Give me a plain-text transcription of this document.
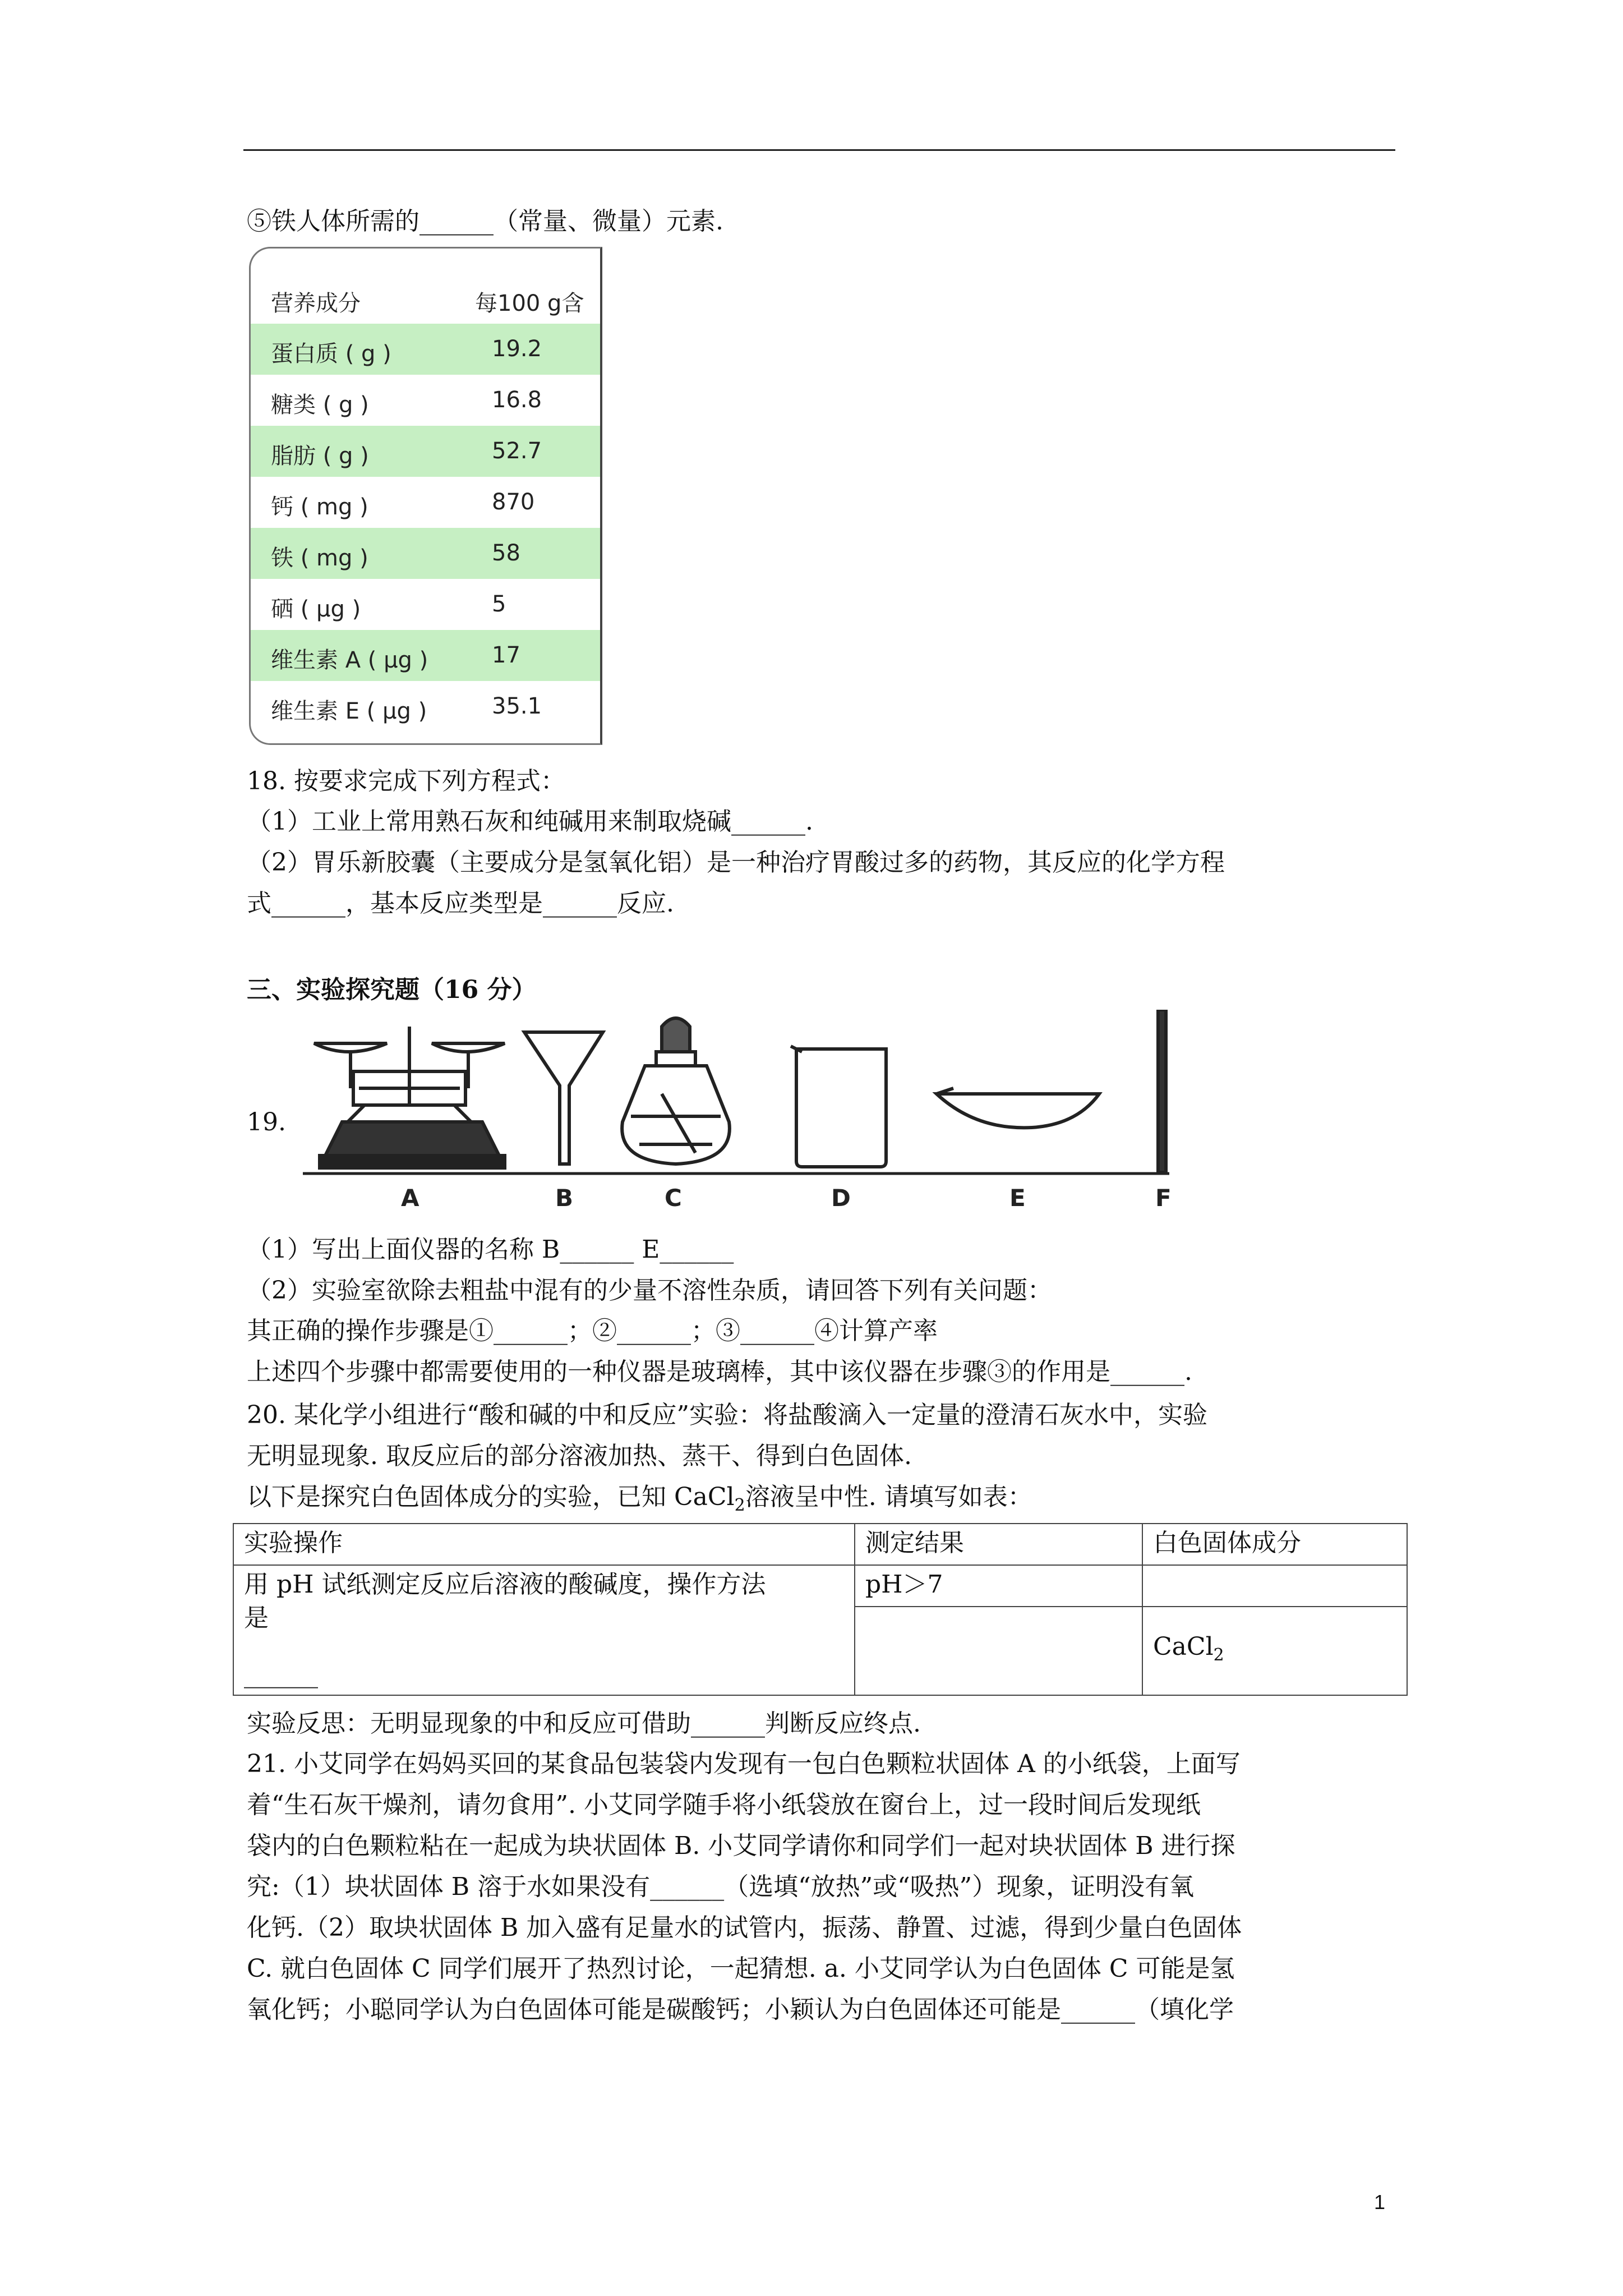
⑤铁人体所需的______（常量、微量）元素.
营养成分	每100 g含
蛋白质 ( g )	19.2
糖类 ( g )	16.8
脂肪 ( g )	52.7
钙 ( mg )	870
铁 ( mg )	58
硒 ( μg )	5
维生素 A ( μg )	17
维生素 E ( μg )	35.1
18. 按要求完成下列方程式：
（1）工业上常用熟石灰和纯碱用来制取烧碱______.
（2）胃乐新胶囊（主要成分是氢氧化铝）是一种治疗胃酸过多的药物，其反应的化学方程
式______，基本反应类型是______反应.
三、实验探究题（16 分）
19.
A	B	C	D	E	F
（1）写出上面仪器的名称 B______ E______
（2）实验室欲除去粗盐中混有的少量不溶性杂质，请回答下列有关问题：
其正确的操作步骤是①______；②______；③______④计算产率
上述四个步骤中都需要使用的一种仪器是玻璃棒，其中该仪器在步骤③的作用是______.
20. 某化学小组进行“酸和碱的中和反应”实验：将盐酸滴入一定量的澄清石灰水中，实验
无明显现象. 取反应后的部分溶液加热、蒸干、得到白色固体.
以下是探究白色固体成分的实验，已知 CaCl$_2$溶液呈中性. 请填写如表：
实验操作	测定结果	白色固体成分

用 pH 试纸测定反应后溶液的酸碱度，操作方法
是
______	pH＞7	
		CaCl$_2$
实验反思：无明显现象的中和反应可借助______判断反应终点.
21. 小艾同学在妈妈买回的某食品包装袋内发现有一包白色颗粒状固体 A 的小纸袋，上面写
着“生石灰干燥剂，请勿食用”. 小艾同学随手将小纸袋放在窗台上，过一段时间后发现纸
袋内的白色颗粒粘在一起成为块状固体 B. 小艾同学请你和同学们一起对块状固体 B 进行探
究:（1）块状固体 B 溶于水如果没有______（选填“放热”或“吸热”）现象，证明没有氧
化钙.（2）取块状固体 B 加入盛有足量水的试管内，振荡、静置、过滤，得到少量白色固体
C. 就白色固体 C 同学们展开了热烈讨论，一起猜想. a. 小艾同学认为白色固体 C 可能是氢
氧化钙；小聪同学认为白色固体可能是碳酸钙；小颖认为白色固体还可能是______（填化学
1
